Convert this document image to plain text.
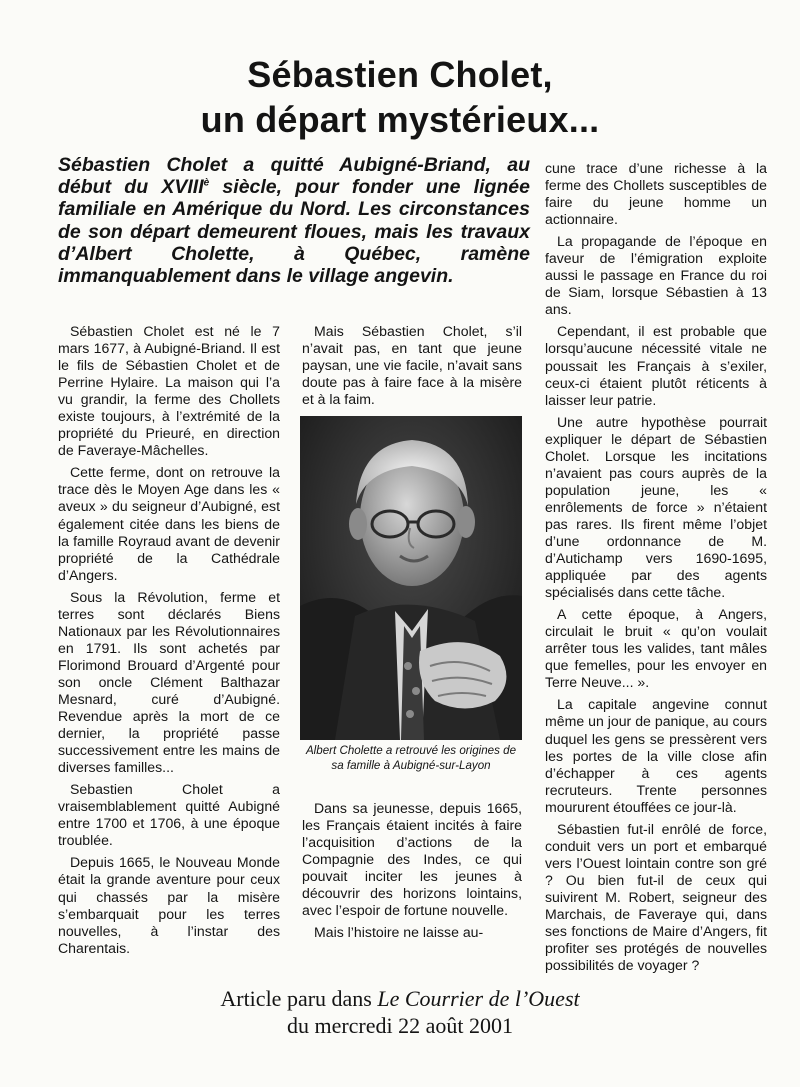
Sébastien Cholet,
un départ mystérieux...
Sébastien Cholet a quitté Aubigné-Briand, au début du $XVIII^è$ siècle, pour fonder une lignée familiale en Amérique du Nord. Les circonstances de son départ demeurent floues, mais les travaux d’Albert Cholette, à Québec, ramène immanquablement dans le village angevin.

Sébastien Cholet est né le 7 mars 1677, à Aubigné-Briand. Il est le fils de Sébastien Cholet et de Perrine Hylaire. La maison qui l’a vu grandir, la ferme des Chollets existe toujours, à l’extrémité de la propriété du Prieuré, en direction de Faveraye-Mâchelles.

Cette ferme, dont on retrouve la trace dès le Moyen Age dans les « aveux » du seigneur d’Aubigné, est également citée dans les biens de la famille Royraud avant de devenir propriété de la Cathédrale d’Angers.

Sous la Révolution, ferme et terres sont déclarés Biens Nationaux par les Révolutionnaires en 1791. Ils sont achetés par Florimond Brouard d’Argenté pour son oncle Clément Balthazar Mesnard, curé d’Aubigné. Revendue après la mort de ce dernier, la propriété passe successivement entre les mains de diverses familles...

Sebastien Cholet a vraisemblablement quitté Aubigné entre 1700 et 1706, à une époque troublée.

Depuis 1665, le Nouveau Monde était la grande aventure pour ceux qui chassés par la misère s’embarquait pour les terres nouvelles, à l’instar des Charentais.

Mais Sébastien Cholet, s’il n’avait pas, en tant que jeune paysan, une vie facile, n’avait sans doute pas à faire face à la misère et à la faim.

Albert Cholette a retrouvé les origines de sa famille à Aubigné-sur-Layon

Dans sa jeunesse, depuis 1665, les Français étaient incités à faire l’acquisition d’actions de la Compagnie des Indes, ce qui pouvait inciter les jeunes à découvrir des horizons lointains, avec l’espoir de fortune nouvelle.

Mais l’histoire ne laisse au-

cune trace d’une richesse à la ferme des Chollets susceptibles de faire du jeune homme un actionnaire.

La propagande de l’époque en faveur de l’émigration exploite aussi le passage en France du roi de Siam, lorsque Sébastien à 13 ans.

Cependant, il est probable que lorsqu’aucune nécessité vitale ne poussait les Français à s’exiler, ceux-ci étaient plutôt réticents à laisser leur patrie.

Une autre hypothèse pourrait expliquer le départ de Sébastien Cholet. Lorsque les incitations n’avaient pas cours auprès de la population jeune, les « enrôlements de force » n’étaient pas rares. Ils firent même l’objet d’une ordonnance de M. d’Autichamp vers 1690-1695, appliquée par des agents spécialisés dans cette tâche.

A cette époque, à Angers, circulait le bruit « qu’on voulait arrêter tous les valides, tant mâles que femelles, pour les envoyer en Terre Neuve... ».

La capitale angevine connut même un jour de panique, au cours duquel les gens se pressèrent vers les portes de la ville close afin d’échapper à ces agents recruteurs. Trente personnes moururent étouffées ce jour-là.

Sébastien fut-il enrôlé de force, conduit vers un port et embarqué vers l’Ouest lointain contre son gré ? Ou bien fut-il de ceux qui suivirent M. Robert, seigneur des Marchais, de Faveraye qui, dans ses fonctions de Maire d’Angers, fit profiter ses protégés de nouvelles possibilités de voyager ?

Article paru dans Le Courrier de l’Ouest
du mercredi 22 août 2001
